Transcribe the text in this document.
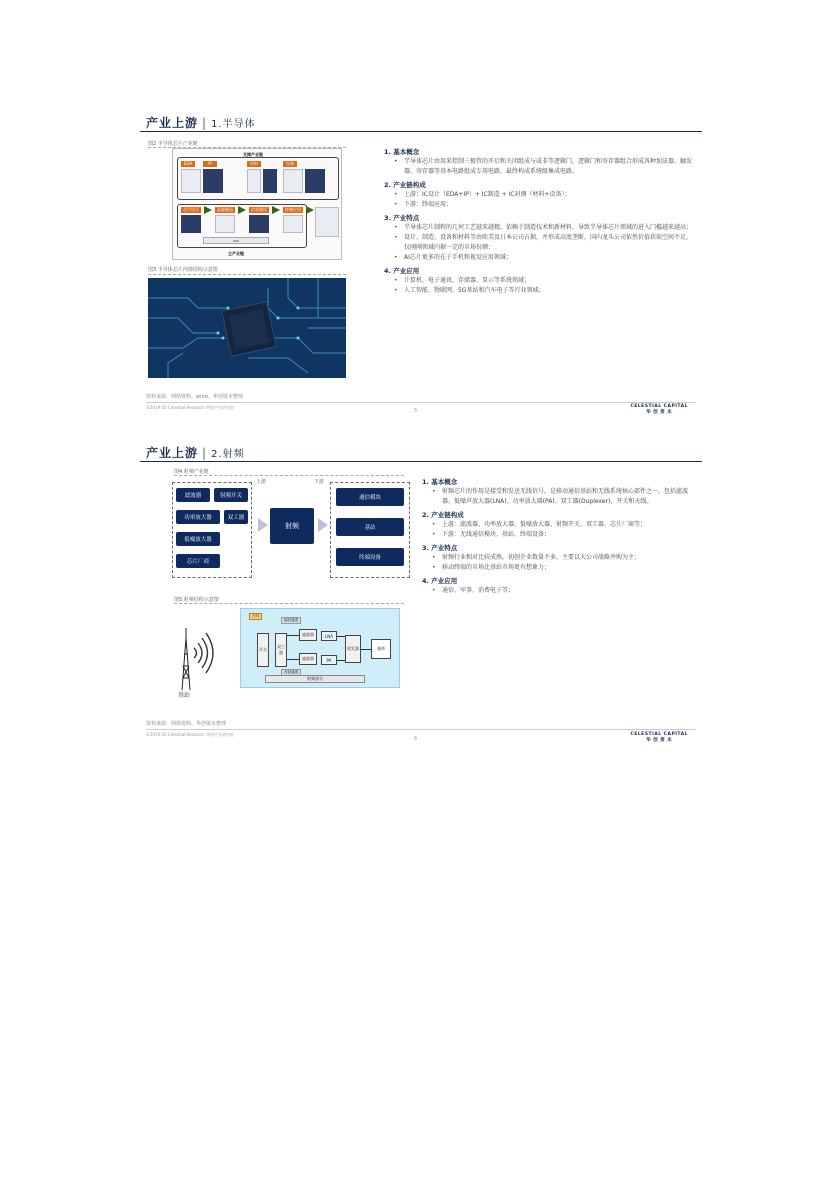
产业上游 | 1.半导体
图2 半导体芯片产业链
支撑产业链
EDA	IP	材料	设备
芯片设计	晶圆制造	封装测试	终端应用
IDM
主产业链
图3 半导体芯片内部结构示意图
1. 基本概念
• 半导体芯片由用来控制三极管的开启和关闭组成与或非等逻辑门，逻辑门和寄存器组合形成各种加法器、触发器、寄存器等基本电路组成专用电路，最终构成系统级集成电路。
2. 产业链构成
• 上游：IC设计（EDA+IP）+ IC制造 + IC封测（材料+设备）；
• 下游：终端应用；
3. 产业特点
• 半导体芯片制程的几何工艺越来越精，依赖于制造技术和新材料，导致半导体芯片领域的进入门槛越来越高；
• 设计、制造、设备和材料等由欧美及日本公司占据，并形成高度垄断，国内龙头公司依然价值获取空间不足，仅刚刚领域内据一定的市场份额；
• AI芯片更多的在于手机和视觉应用领域；
4. 产业应用
• 计算机、电子通讯、存储器、显示等系统领域；
• 人工智能、物联网、5G基站和汽车电子等行业领域；
资料来源：网络资料、wind、华创资本整理
©2019-20 Celestial Research 华创产业研究院
5
CELESTIAL CAPITAL
华 创 资 本
产业上游 | 2.射频
图4 射频产业链
上游	下游
滤波器	射频开关
功率放大器	双工器
低噪放大器
芯片厂商
射频
通信模块
基站
终端设备
图5 射频结构示意图
基站
天线
接收通道
开关
双工器
滤波器
滤波器
LNA
PA
收发器	基带
发射通道
射频部分
1. 基本概念
• 射频芯片的作用是接受和发送无线信号，是移动通信基站和无线系统核心部件之一，包括滤波器、低噪声放大器(LNA)、功率放大器(PA)、双工器(Duplexer)、开关和天线。
2. 产业链构成
• 上游：滤波器、功率放大器、低噪放大器、射频开关、双工器、芯片厂商等；
• 下游：无线通信模块、基站、终端设备；
3. 产业特点
• 射频行业相对比较成熟，初创企业数量不多，主要以大公司战略并购为主；
• 移动终端的市场比基站市场更有想象力；
4. 产业应用
• 通信、军事、消费电子等；
资料来源：网络资料、华创资本整理
©2019-20 Celestial Research 华创产业研究院
6
CELESTIAL CAPITAL
华 创 资 本
